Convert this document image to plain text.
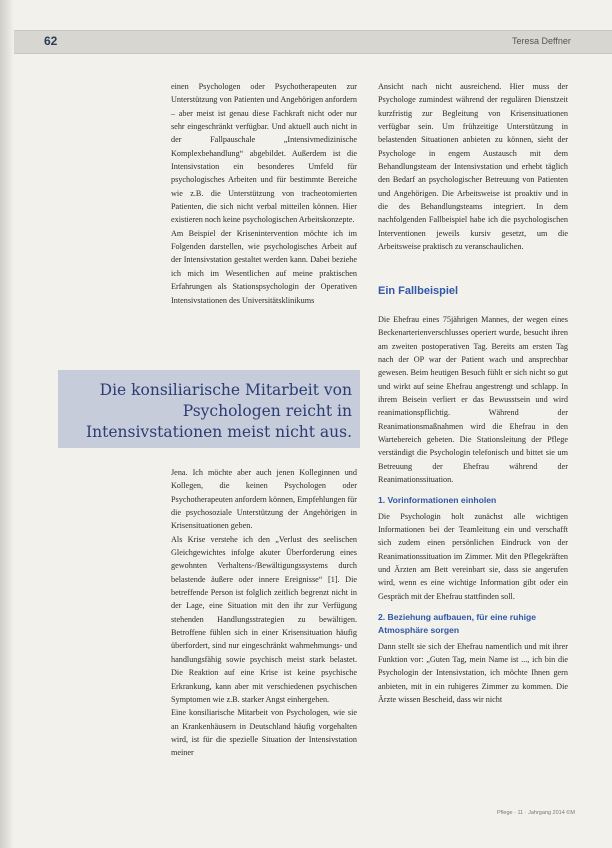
62	Teresa Deffner

einen Psychologen oder Psychotherapeuten zur Unterstützung von Patienten und Angehörigen anfordern – aber meist ist genau diese Fachkraft nicht oder nur sehr eingeschränkt verfügbar. Und aktuell auch nicht in der Fallpauschale „Intensivmedizinische Komplexbehandlung“ abgebildet. Außerdem ist die Intensivstation ein besonderes Umfeld für psychologisches Arbeiten und für bestimmte Bereiche wie z.B. die Unterstützung von tracheotomierten Patienten, die sich nicht verbal mitteilen können. Hier existieren noch keine psychologischen Arbeitskonzepte.

Am Beispiel der Krisenintervention möchte ich im Folgenden darstellen, wie psychologisches Arbeit auf der Intensivstation gestaltet werden kann. Dabei beziehe ich mich im Wesentlichen auf meine praktischen Erfahrungen als Stationspsychologin der Operativen Intensivstationen des Universitätsklinikums

Die konsiliarische Mitarbeit von Psychologen reicht in Intensivstationen meist nicht aus.

Jena. Ich möchte aber auch jenen Kolleginnen und Kollegen, die keinen Psychologen oder Psychotherapeuten anfordern können, Empfehlungen für die psychosoziale Unterstützung der Angehörigen in Krisensituationen geben.

Als Krise verstehe ich den „Verlust des seelischen Gleichgewichtes infolge akuter Überforderung eines gewohnten Verhaltens-/Bewältigungssystems durch belastende äußere oder innere Ereignisse“ [1]. Die betreffende Person ist folglich zeitlich begrenzt nicht in der Lage, eine Situation mit den ihr zur Verfügung stehenden Handlungsstrategien zu bewältigen. Betroffene fühlen sich in einer Krisensituation häufig überfordert, sind nur eingeschränkt wahrnehmungs- und handlungsfähig sowie psychisch meist stark belastet. Die Reaktion auf eine Krise ist keine psychische Erkrankung, kann aber mit verschiedenen psychischen Symptomen wie z.B. starker Angst einhergehen.

Eine konsiliarische Mitarbeit von Psychologen, wie sie an Krankenhäusern in Deutschland häufig vorgehalten wird, ist für die spezielle Situation der Intensivstation meiner

Ansicht nach nicht ausreichend. Hier muss der Psychologe zumindest während der regulären Dienstzeit kurzfristig zur Begleitung von Krisensituationen verfügbar sein. Um frühzeitige Unterstützung in belastenden Situationen anbieten zu können, sieht der Psychologe in engem Austausch mit dem Behandlungsteam der Intensivstation und erhebt täglich den Bedarf an psychologischer Betreuung von Patienten und Angehörigen. Die Arbeitsweise ist proaktiv und in die des Behandlungsteams integriert. In dem nachfolgenden Fallbeispiel habe ich die psychologischen Interventionen jeweils kursiv gesetzt, um die Arbeitsweise praktisch zu veranschaulichen.

Ein Fallbeispiel

Die Ehefrau eines 75jährigen Mannes, der wegen eines Beckenarterienverschlusses operiert wurde, besucht ihren am zweiten postoperativen Tag. Bereits am ersten Tag nach der OP war der Patient wach und ansprechbar gewesen. Beim heutigen Besuch fühlt er sich nicht so gut und wirkt auf seine Ehefrau angestrengt und schlapp. In ihrem Beisein verliert er das Bewusstsein und wird reanimationspflichtig. Während der Reanimationsmaßnahmen wird die Ehefrau in den Wartebereich gebeten. Die Stationsleitung der Pflege verständigt die Psychologin telefonisch und bittet sie um Betreuung der Ehefrau während der Reanimationssituation.

1. Vorinformationen einholen

Die Psychologin holt zunächst alle wichtigen Informationen bei der Teamleitung ein und verschafft sich zudem einen persönlichen Eindruck von der Reanimationssituation im Zimmer. Mit den Pflegekräften und Ärzten am Bett vereinbart sie, dass sie angerufen wird, wenn es eine wichtige Information gibt oder ein Gespräch mit der Ehefrau stattfinden soll.

2. Beziehung aufbauen, für eine ruhige Atmosphäre sorgen

Dann stellt sie sich der Ehefrau namentlich und mit ihrer Funktion vor: „Guten Tag, mein Name ist ..., ich bin die Psychologin der Intensivstation, ich möchte Ihnen gern anbieten, mit in ein ruhigeres Zimmer zu kommen. Die Ärzte wissen Bescheid, dass wir nicht

Pflege · 11 · Jahrgang 2014 ©M
